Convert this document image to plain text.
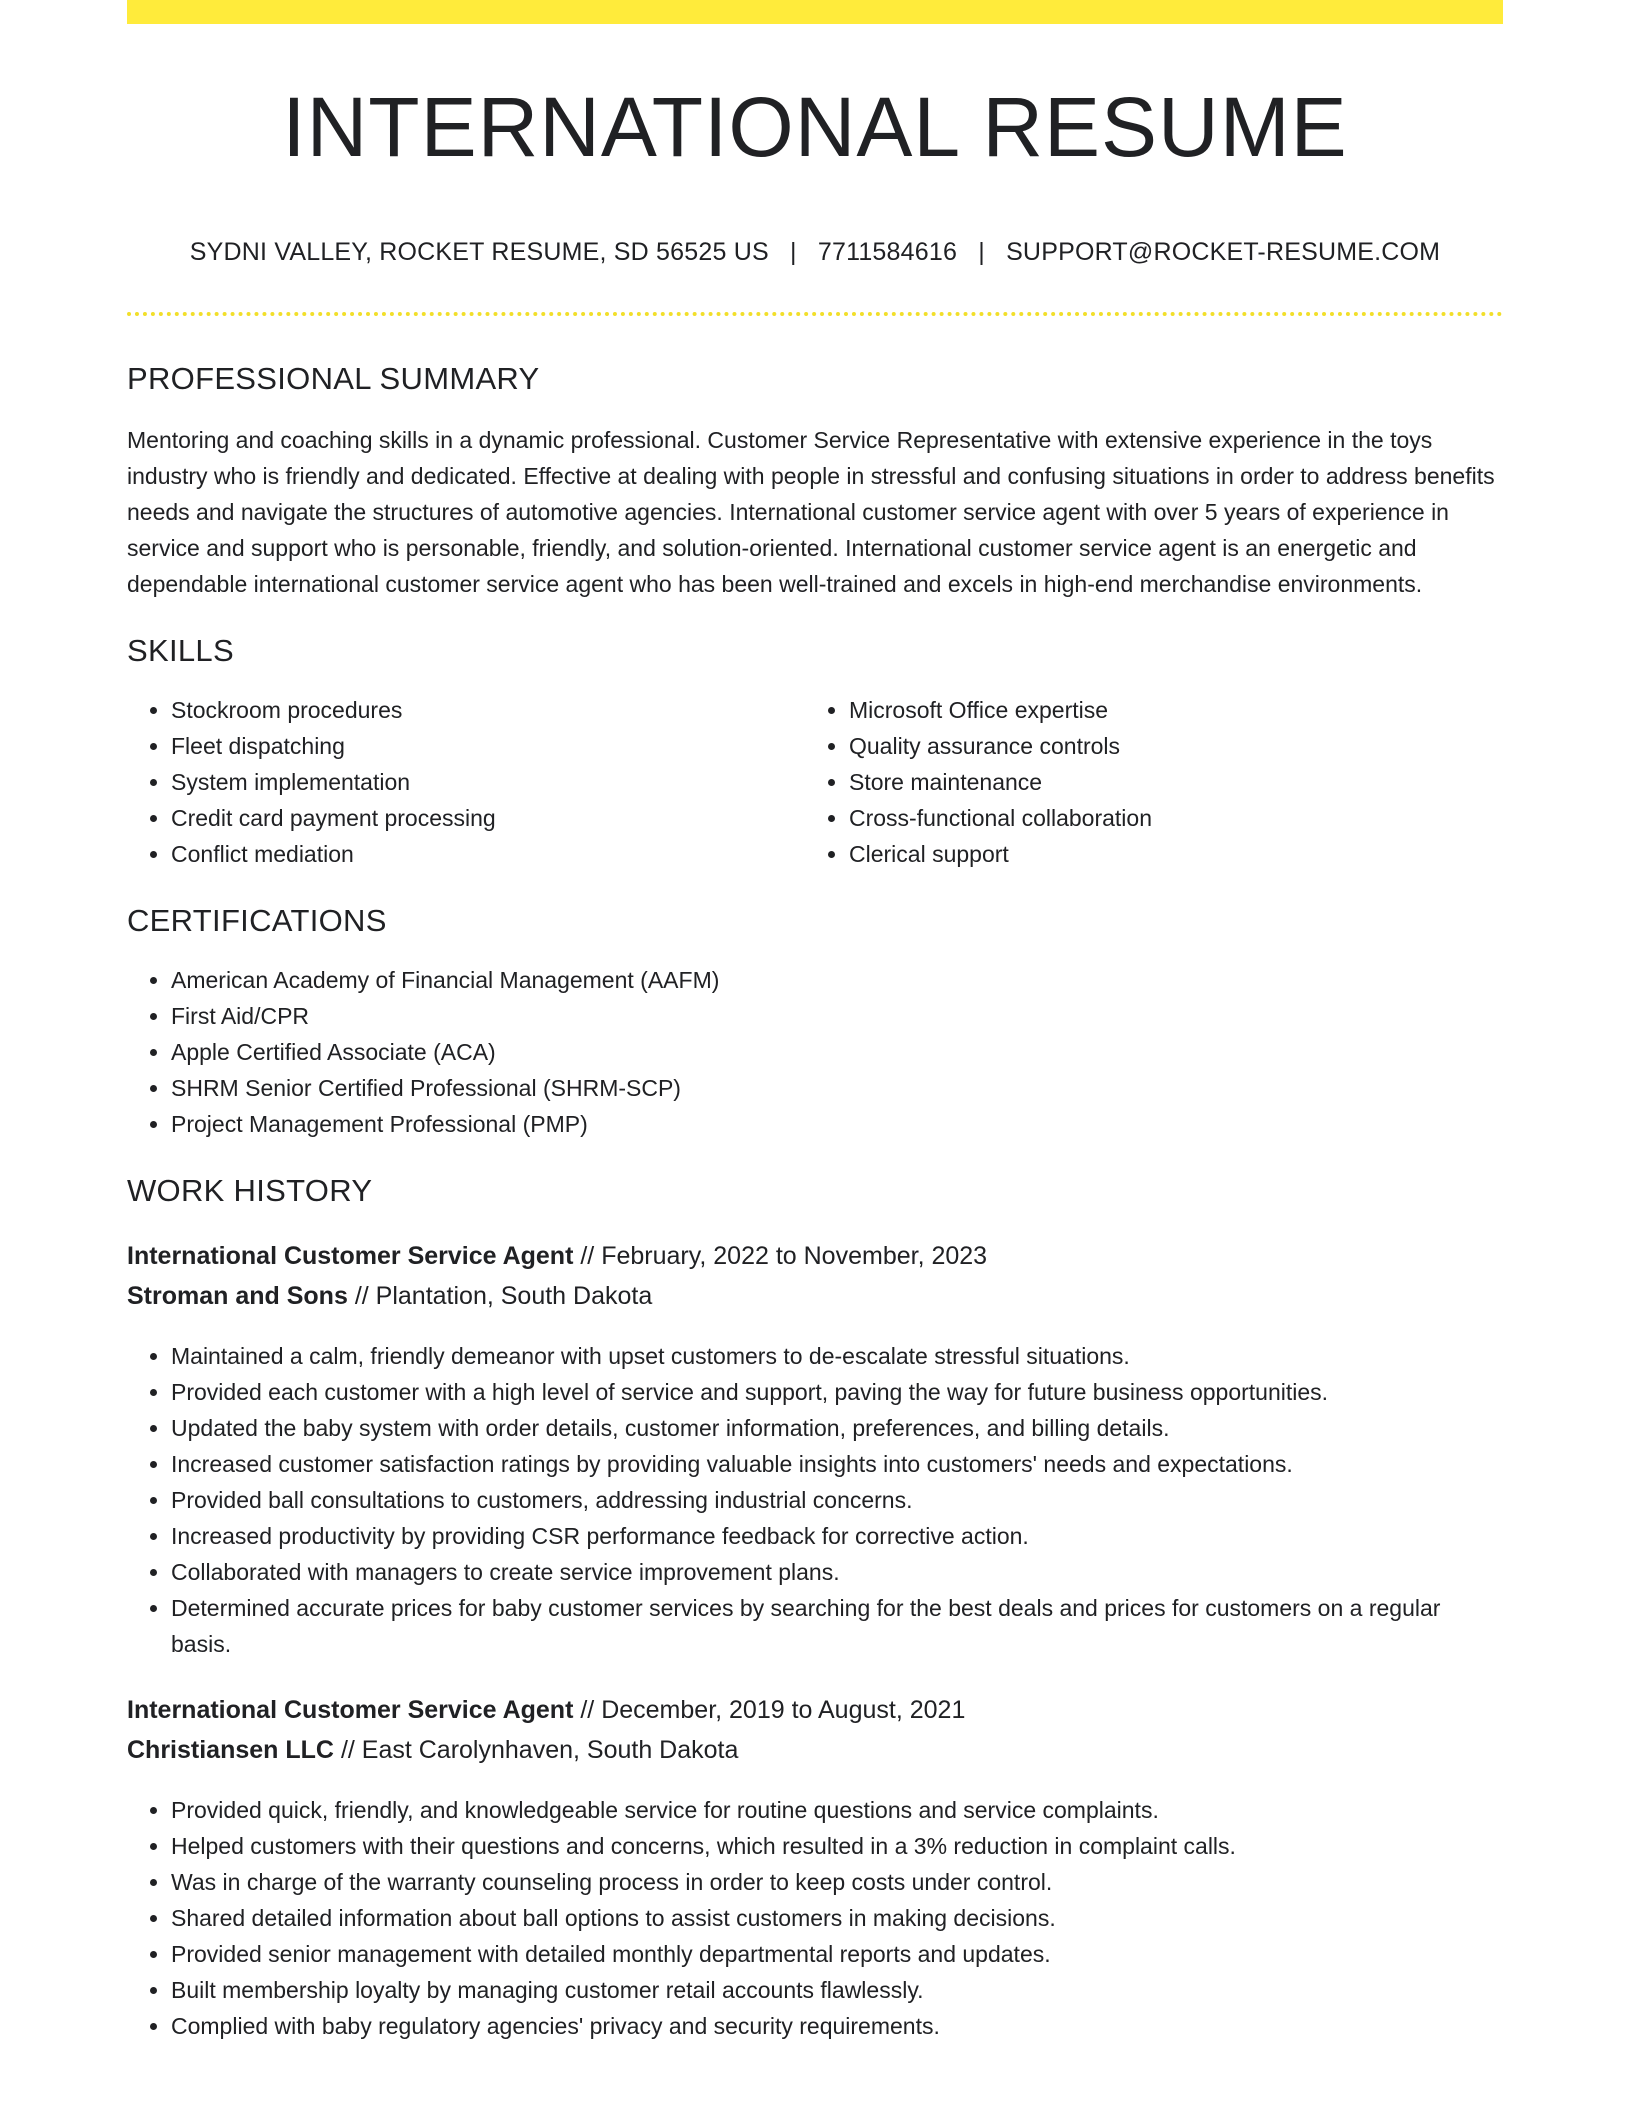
INTERNATIONAL RESUME
SYDNI VALLEY, ROCKET RESUME, SD 56525 US | 7711584616 | SUPPORT@ROCKET-RESUME.COM
PROFESSIONAL SUMMARY

Mentoring and coaching skills in a dynamic professional. Customer Service Representative with extensive experience in the toys industry who is friendly and dedicated. Effective at dealing with people in stressful and confusing situations in order to address benefits needs and navigate the structures of automotive agencies. International customer service agent with over 5 years of experience in service and support who is personable, friendly, and solution-oriented. International customer service agent is an energetic and dependable international customer service agent who has been well-trained and excels in high-end merchandise environments.

SKILLS
• Stockroom procedures
• Fleet dispatching
• System implementation
• Credit card payment processing
• Conflict mediation
• Microsoft Office expertise
• Quality assurance controls
• Store maintenance
• Cross-functional collaboration
• Clerical support
CERTIFICATIONS
• American Academy of Financial Management (AAFM)
• First Aid/CPR
• Apple Certified Associate (ACA)
• SHRM Senior Certified Professional (SHRM-SCP)
• Project Management Professional (PMP)
WORK HISTORY
International Customer Service Agent // February, 2022 to November, 2023
Stroman and Sons // Plantation, South Dakota
• Maintained a calm, friendly demeanor with upset customers to de-escalate stressful situations.
• Provided each customer with a high level of service and support, paving the way for future business opportunities.
• Updated the baby system with order details, customer information, preferences, and billing details.
• Increased customer satisfaction ratings by providing valuable insights into customers' needs and expectations.
• Provided ball consultations to customers, addressing industrial concerns.
• Increased productivity by providing CSR performance feedback for corrective action.
• Collaborated with managers to create service improvement plans.
• Determined accurate prices for baby customer services by searching for the best deals and prices for customers on a regular basis.
International Customer Service Agent // December, 2019 to August, 2021
Christiansen LLC // East Carolynhaven, South Dakota
• Provided quick, friendly, and knowledgeable service for routine questions and service complaints.
• Helped customers with their questions and concerns, which resulted in a 3% reduction in complaint calls.
• Was in charge of the warranty counseling process in order to keep costs under control.
• Shared detailed information about ball options to assist customers in making decisions.
• Provided senior management with detailed monthly departmental reports and updates.
• Built membership loyalty by managing customer retail accounts flawlessly.
• Complied with baby regulatory agencies' privacy and security requirements.
